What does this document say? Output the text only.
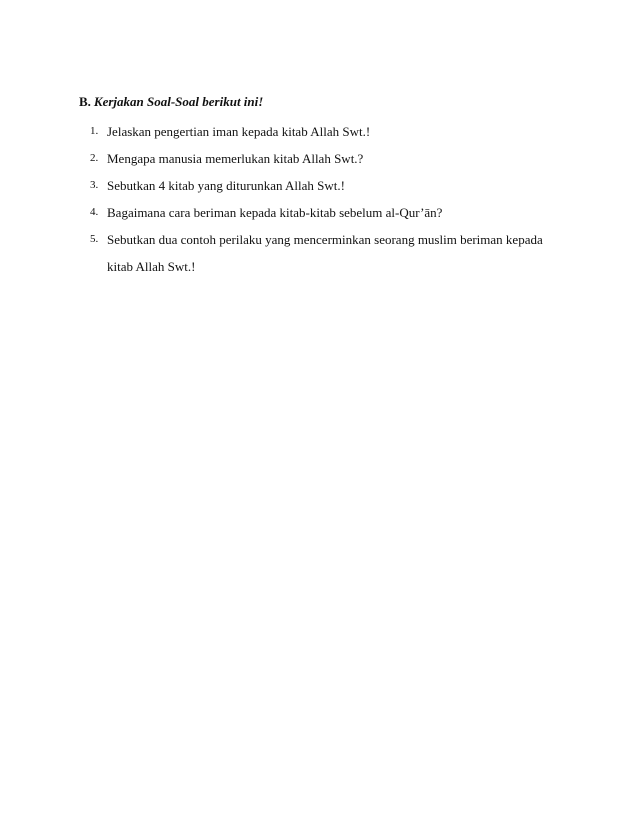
B. Kerjakan Soal-Soal berikut ini!
1. Jelaskan pengertian iman kepada kitab Allah Swt.!
2. Mengapa manusia memerlukan kitab Allah Swt.?
3. Sebutkan 4 kitab yang diturunkan Allah Swt.!
4. Bagaimana cara beriman kepada kitab-kitab sebelum al-Qur’ān?
5. Sebutkan dua contoh perilaku yang mencerminkan seorang muslim beriman kepada kitab Allah Swt.!
